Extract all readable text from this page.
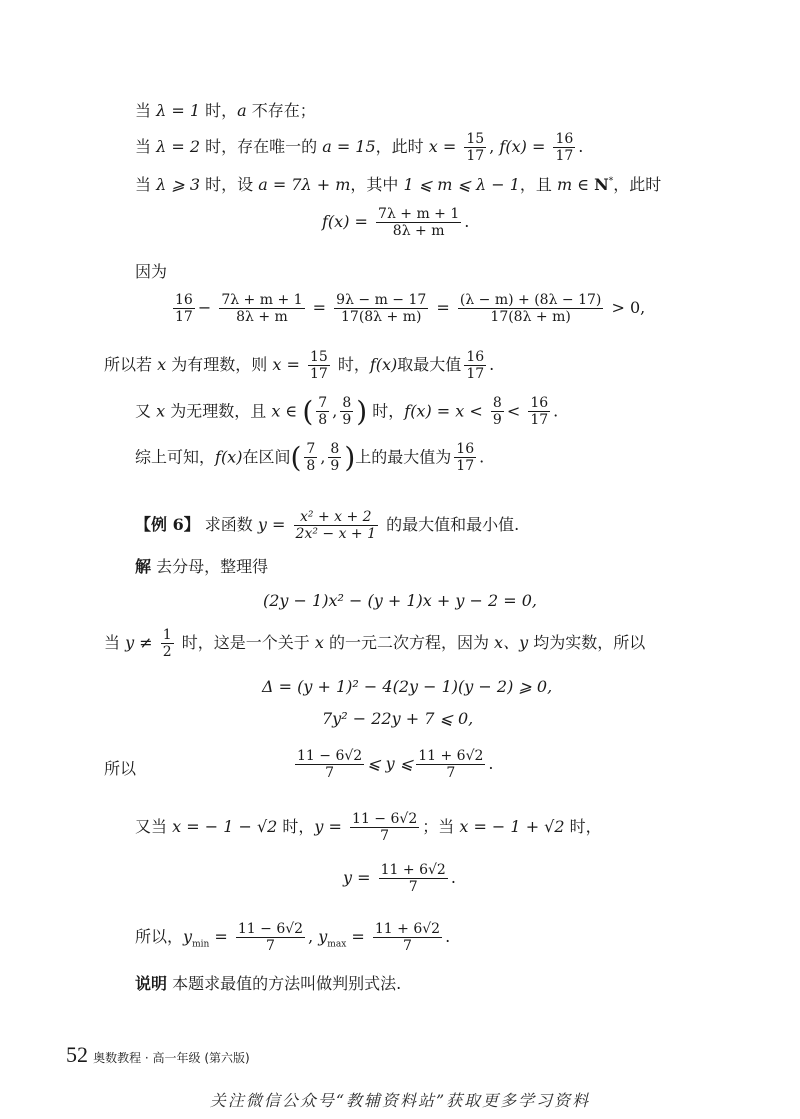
当 λ = 1 时，a 不存在；
当 λ = 2 时，存在唯一的 a = 15，此时 $x = \frac{15}{17}$ , $f(x) = \frac{16}{17}$ .
当 λ ⩾ 3 时，设 a = 7λ + m，其中 1 ⩽ m ⩽ λ − 1，且 m ∈ N*，此时
$f(x) = \frac{7\lambda + m + 1}{8\lambda + m}$ .
因为
$\frac{16}{17} - \frac{7\lambda + m + 1}{8\lambda + m} = \frac{9\lambda - m - 17}{17(8\lambda + m)} = \frac{(\lambda - m) + (8\lambda - 17)}{17(8\lambda + m)} > 0$,
所以若 x 为有理数，则 $x = \frac{15}{17}$ 时，f(x)取最大值 $\frac{16}{17}$ .
又 x 为无理数，且 x ∈ ( $\frac{7}{8}$ , $\frac{8}{9}$ ) 时，$f(x) = x < \frac{8}{9} < \frac{16}{17}$ .
综上可知，f(x)在区间( $\frac{7}{8}$ , $\frac{8}{9}$ )上的最大值为 $\frac{16}{17}$ .
【例 6】 求函数 $y = \frac{\text{x² + x + 2}}{\text{2x² − x + 1}}$ 的最大值和最小值.
解 去分母，整理得
(2y − 1)x² − (y + 1)x + y − 2 = 0,
当 $y \ne \frac{1}{2}$ 时，这是一个关于 x 的一元二次方程，因为 x、y 均为实数，所以
Δ = (y + 1)² − 4(2y − 1)(y − 2) ⩾ 0,
7y² − 22y + 7 ⩽ 0,
所以	$\frac{11 - 6√2}{7}$ ⩽ y ⩽ $\frac{11 + 6√2}{7}$ .
又当 x = − 1 − √2 时，$y = \frac{11 - 6√2}{7}$ ；当 x = − 1 + √2 时，
$y = \frac{11 + 6√2}{7}$ .
所以，$y_{min} = \frac{11 - 6√2}{7}$ , $y_{max} = \frac{11 + 6√2}{7}$ .
说明 本题求最值的方法叫做判别式法.
52 奥数教程 · 高一年级 (第六版)
关注微信公众号“教辅资料站”获取更多学习资料
